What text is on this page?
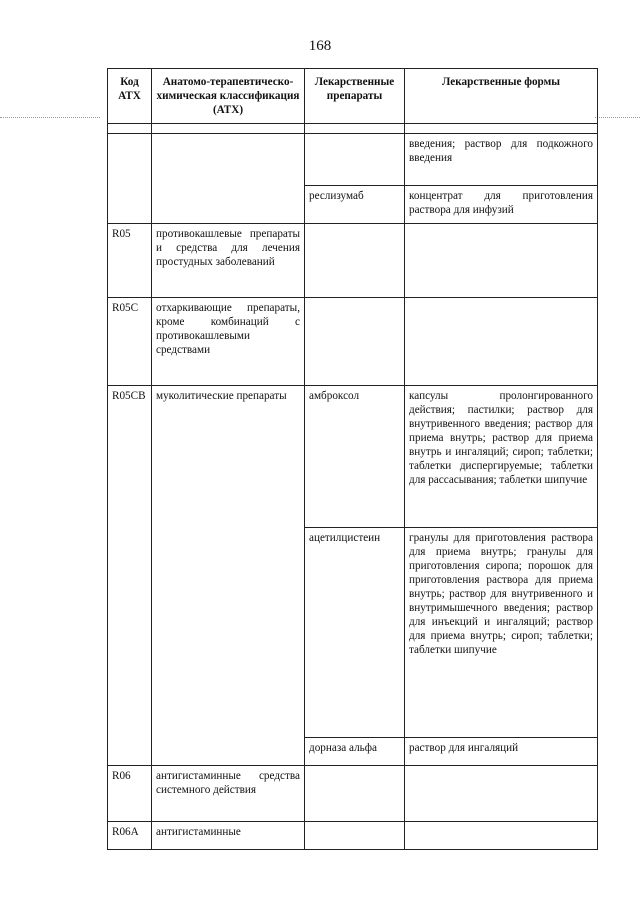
168
Код АТХ	Анатомо-терапевтическо-химическая классификация (АТХ)	Лекарственные препараты	Лекарственные формы

			введения; раствор для подкожного введения
		реслизумаб	концентрат для приготовления раствора для инфузий
R05	противокашлевые препараты и средства для лечения простудных заболеваний		
R05C	отхаркивающие препараты, кроме комбинаций с противокашлевыми средствами		
R05CB	муколитические препараты	амброксол	капсулы пролонгированного действия; пастилки; раствор для внутривенного введения; раствор для приема внутрь; раствор для приема внутрь и ингаляций; сироп; таблетки; таблетки диспергируемые; таблетки для рассасывания; таблетки шипучие
		ацетилцистеин	гранулы для приготовления раствора для приема внутрь; гранулы для приготовления сиропа; порошок для приготовления раствора для приема внутрь; раствор для внутривенного и внутримышечного введения; раствор для инъекций и ингаляций; раствор для приема внутрь; сироп; таблетки; таблетки шипучие
		дорназа альфа	раствор для ингаляций
R06	антигистаминные средства системного действия		
R06A	антигистаминные		
